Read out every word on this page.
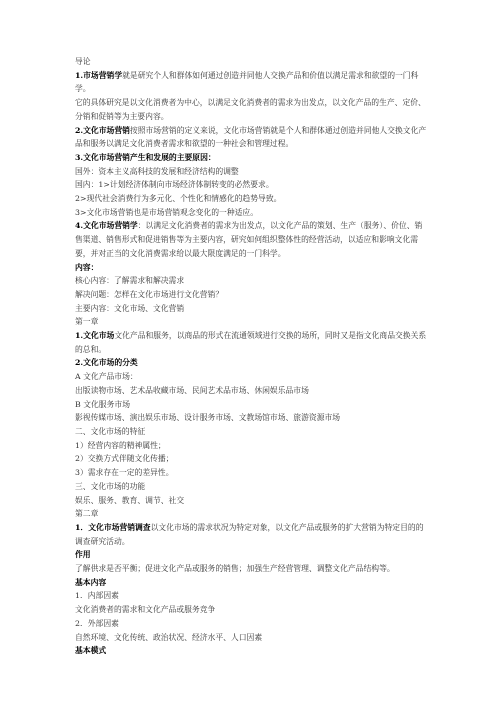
导论

1.市场营销学就是研究个人和群体如何通过创造并同他人交换产品和价值以满足需求和欲望的一门科学。

它的具体研究是以文化消费者为中心，以满足文化消费者的需求为出发点，以文化产品的生产、定价、分销和促销等为主要内容。

2.文化市场营销按照市场营销的定义来说，文化市场营销就是个人和群体通过创造并同他人交换文化产品和服务以满足文化消费者需求和欲望的一种社会和管理过程。

3.文化市场营销产生和发展的主要原因：

国外：资本主义高科技的发展和经济结构的调整

国内：1>计划经济体制向市场经济体制转变的必然要求。

2>现代社会消费行为多元化、个性化和情感化的趋势导致。

3>文化市场营销也是市场营销观念变化的一种适应。

4.文化市场营销学：以满足文化消费者的需求为出发点，以文化产品的策划、生产（服务）、价位、销售渠道、销售形式和促进销售等为主要内容，研究如何组织整体性的经营活动，以适应和影响文化需要，并对正当的文化消费需求给以最大限度满足的一门科学。

内容：

核心内容：了解需求和解决需求

解决问题：怎样在文化市场进行文化营销？

主要内容：文化市场、文化营销

第一章

1.文化市场文化产品和服务，以商品的形式在流通领域进行交换的场所，同时又是指文化商品交换关系的总和。

2.文化市场的分类

A 文化产品市场：

出版读物市场、艺术品收藏市场、民间艺术品市场、休闲娱乐品市场

B 文化服务市场

影视传媒市场、演出娱乐市场、设计服务市场、文教场馆市场、旅游资源市场

二、文化市场的特征

1）经营内容的精神属性；

2）交换方式伴随文化传播；

3）需求存在一定的差异性。

三、文化市场的功能

娱乐、服务、教育、调节、社交

第二章

1．文化市场营销调查以文化市场的需求状况为特定对象，以文化产品或服务的扩大营销为特定目的的调查研究活动。

作用

了解供求是否平衡；促进文化产品或服务的销售；加强生产经营管理、调整文化产品结构等。

基本内容

1．内部因素

文化消费者的需求和文化产品或服务竞争

2．外部因素

自然环境、文化传统、政治状况、经济水平、人口因素

基本模式
